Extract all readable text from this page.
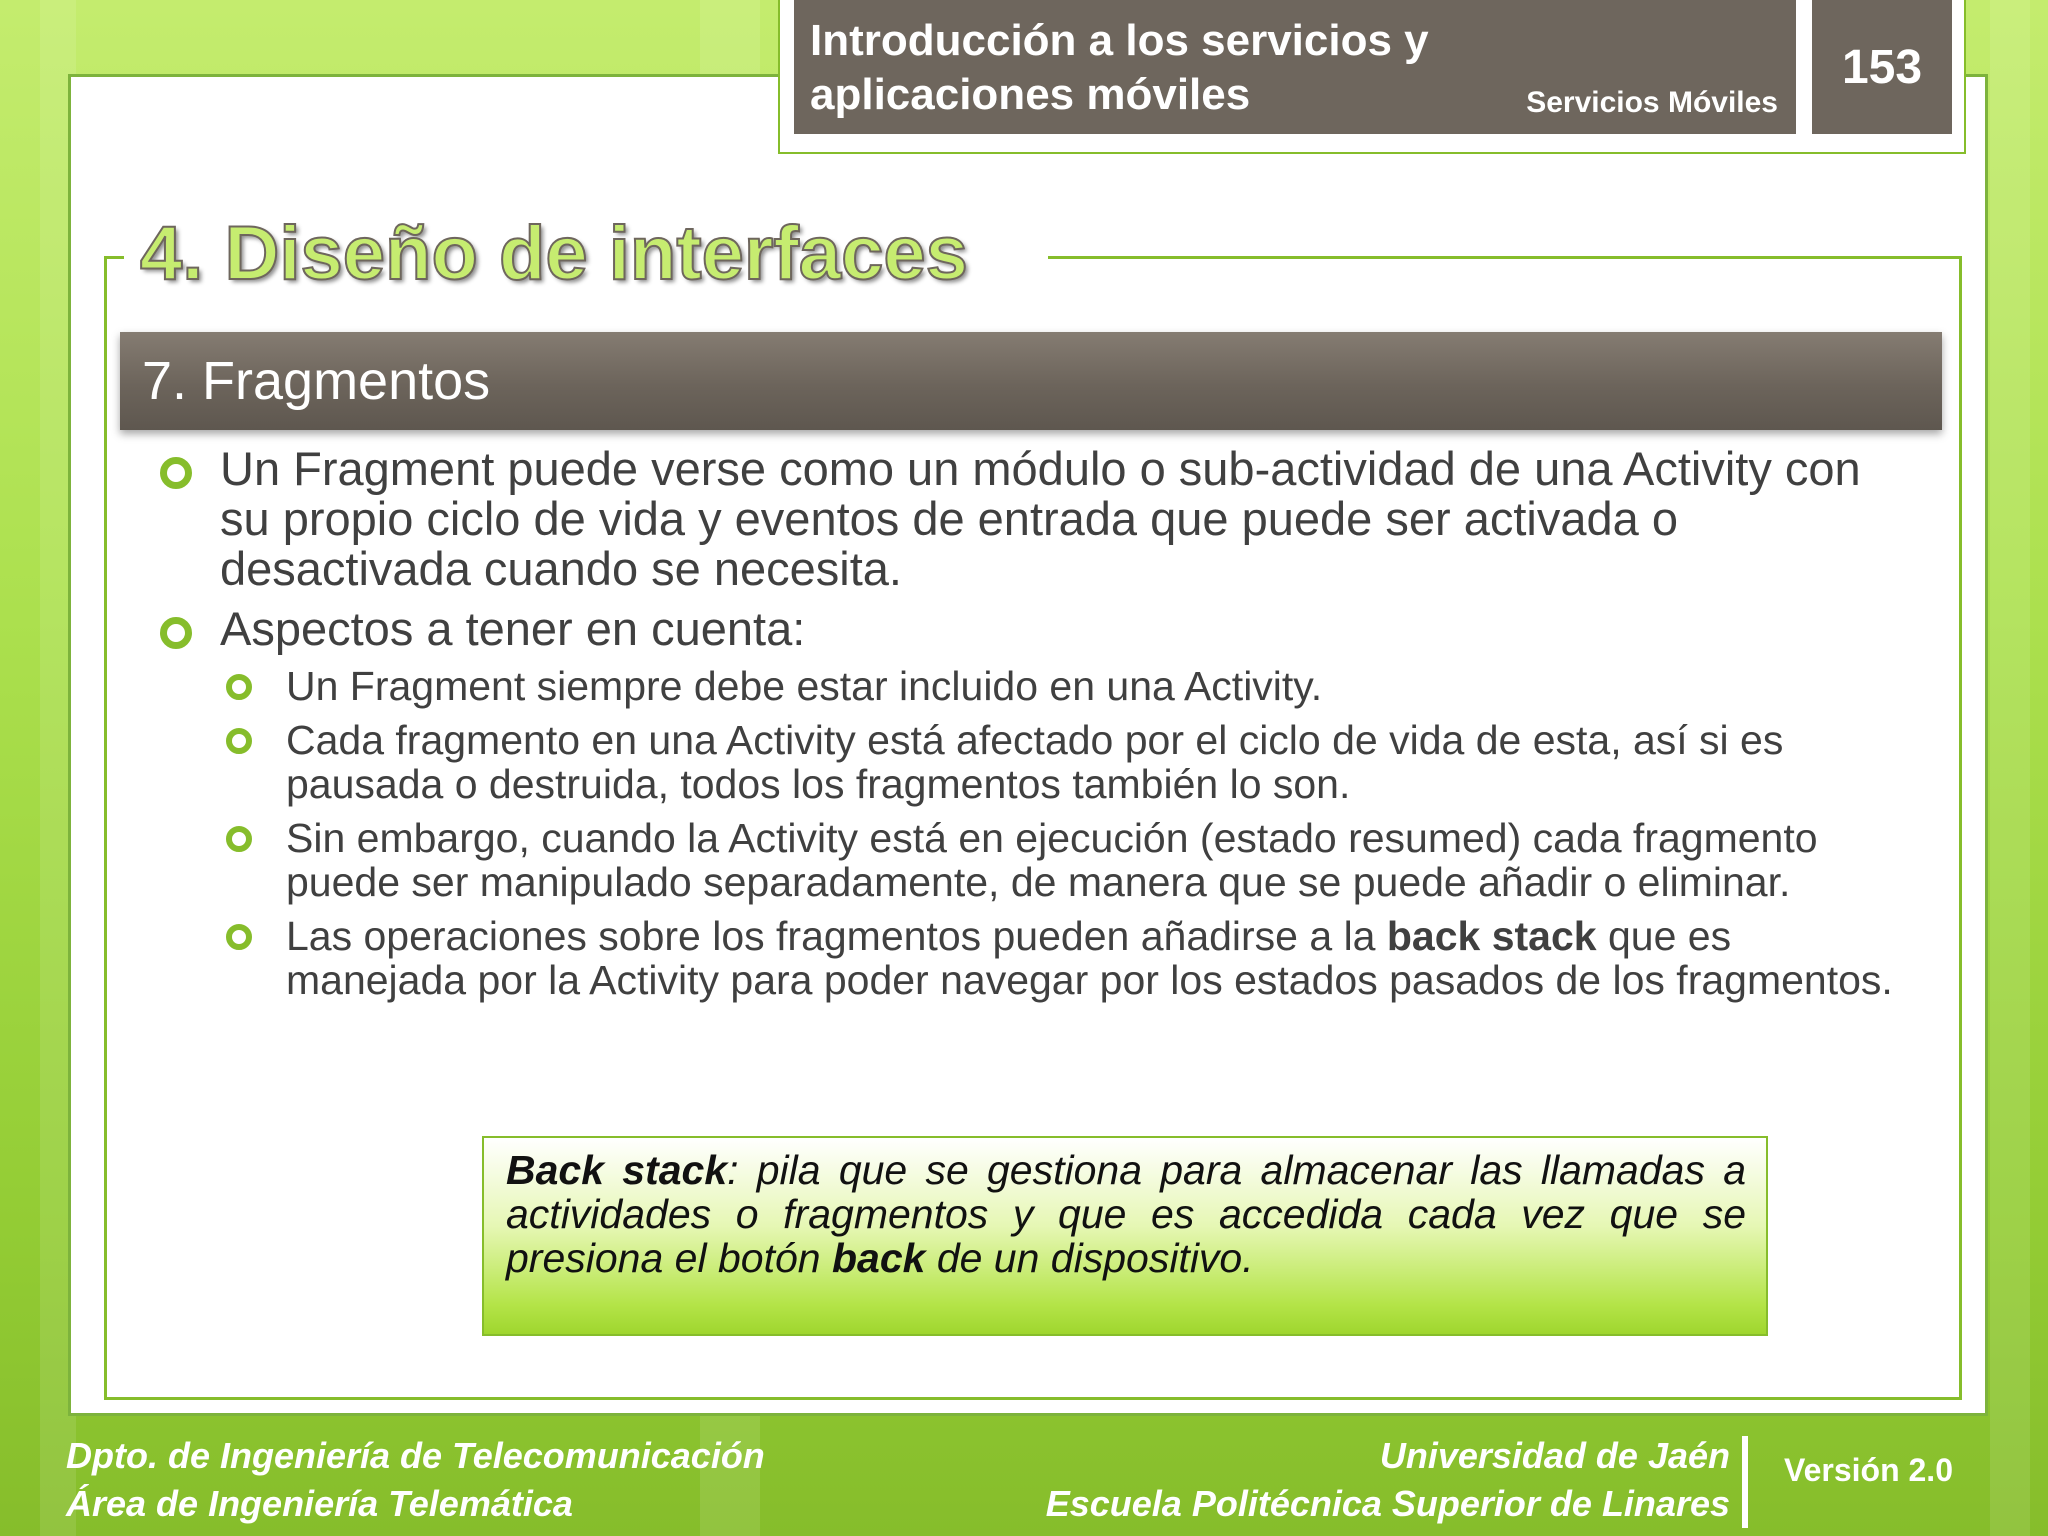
Introducción a los servicios y aplicaciones móviles	Servicios Móviles
153
4. Diseño de interfaces
7. Fragmentos
Un Fragment puede verse como un módulo o sub-actividad de una Activity con su propio ciclo de vida y eventos de entrada que puede ser activada o desactivada cuando se necesita.
Aspectos a tener en cuenta:
Un Fragment siempre debe estar incluido en una Activity.
Cada fragmento en una Activity está afectado por el ciclo de vida de esta, así si es pausada o destruida, todos los fragmentos también lo son.
Sin embargo, cuando la Activity está en ejecución (estado resumed) cada fragmento puede ser manipulado separadamente, de manera que se puede añadir o eliminar.
Las operaciones sobre los fragmentos pueden añadirse a la back stack que es manejada por la Activity para poder navegar por los estados pasados de los fragmentos.
Back stack: pila que se gestiona para almacenar las llamadas a actividades o fragmentos y que es accedida cada vez que se presiona el botón back de un dispositivo.
Dpto. de Ingeniería de Telecomunicación
Área de Ingeniería Telemática
Universidad de Jaén
Escuela Politécnica Superior de Linares
Versión 2.0
